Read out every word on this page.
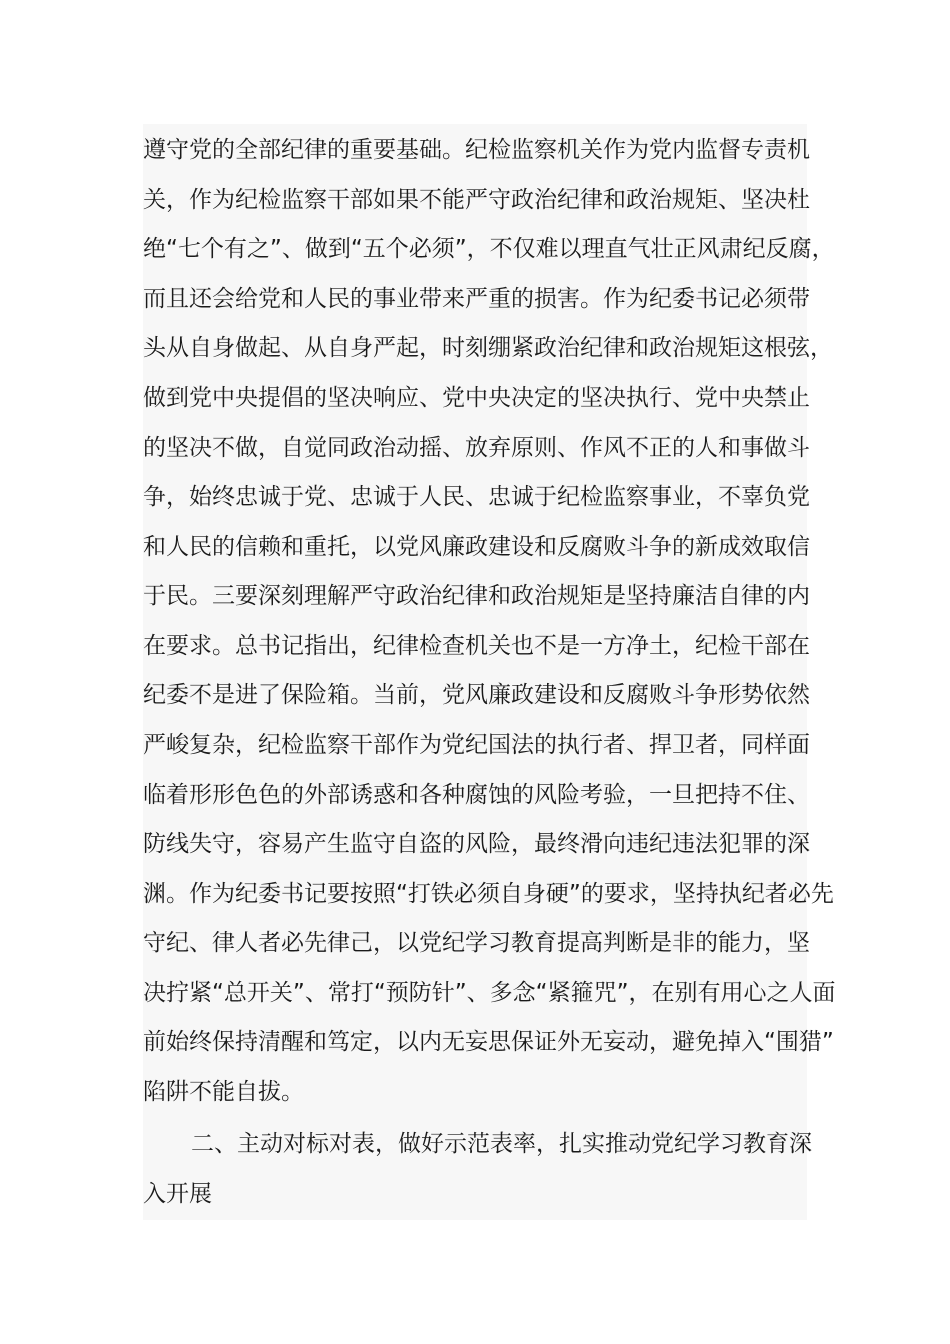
遵守党的全部纪律的重要基础。纪检监察机关作为党内监督专责机
关，作为纪检监察干部如果不能严守政治纪律和政治规矩、坚决杜
绝“七个有之”、做到“五个必须”，不仅难以理直气壮正风肃纪反腐，
而且还会给党和人民的事业带来严重的损害。作为纪委书记必须带
头从自身做起、从自身严起，时刻绷紧政治纪律和政治规矩这根弦，
做到党中央提倡的坚决响应、党中央决定的坚决执行、党中央禁止
的坚决不做，自觉同政治动摇、放弃原则、作风不正的人和事做斗
争，始终忠诚于党、忠诚于人民、忠诚于纪检监察事业，不辜负党
和人民的信赖和重托，以党风廉政建设和反腐败斗争的新成效取信
于民。三要深刻理解严守政治纪律和政治规矩是坚持廉洁自律的内
在要求。总书记指出，纪律检查机关也不是一方净土，纪检干部在
纪委不是进了保险箱。当前，党风廉政建设和反腐败斗争形势依然
严峻复杂，纪检监察干部作为党纪国法的执行者、捍卫者，同样面
临着形形色色的外部诱惑和各种腐蚀的风险考验，一旦把持不住、
防线失守，容易产生监守自盗的风险，最终滑向违纪违法犯罪的深
渊。作为纪委书记要按照“打铁必须自身硬”的要求，坚持执纪者必先
守纪、律人者必先律己，以党纪学习教育提高判断是非的能力，坚
决拧紧“总开关”、常打“预防针”、多念“紧箍咒”，在别有用心之人面
前始终保持清醒和笃定，以内无妄思保证外无妄动，避免掉入“围猎”
陷阱不能自拔。
二、主动对标对表，做好示范表率，扎实推动党纪学习教育深
入开展
